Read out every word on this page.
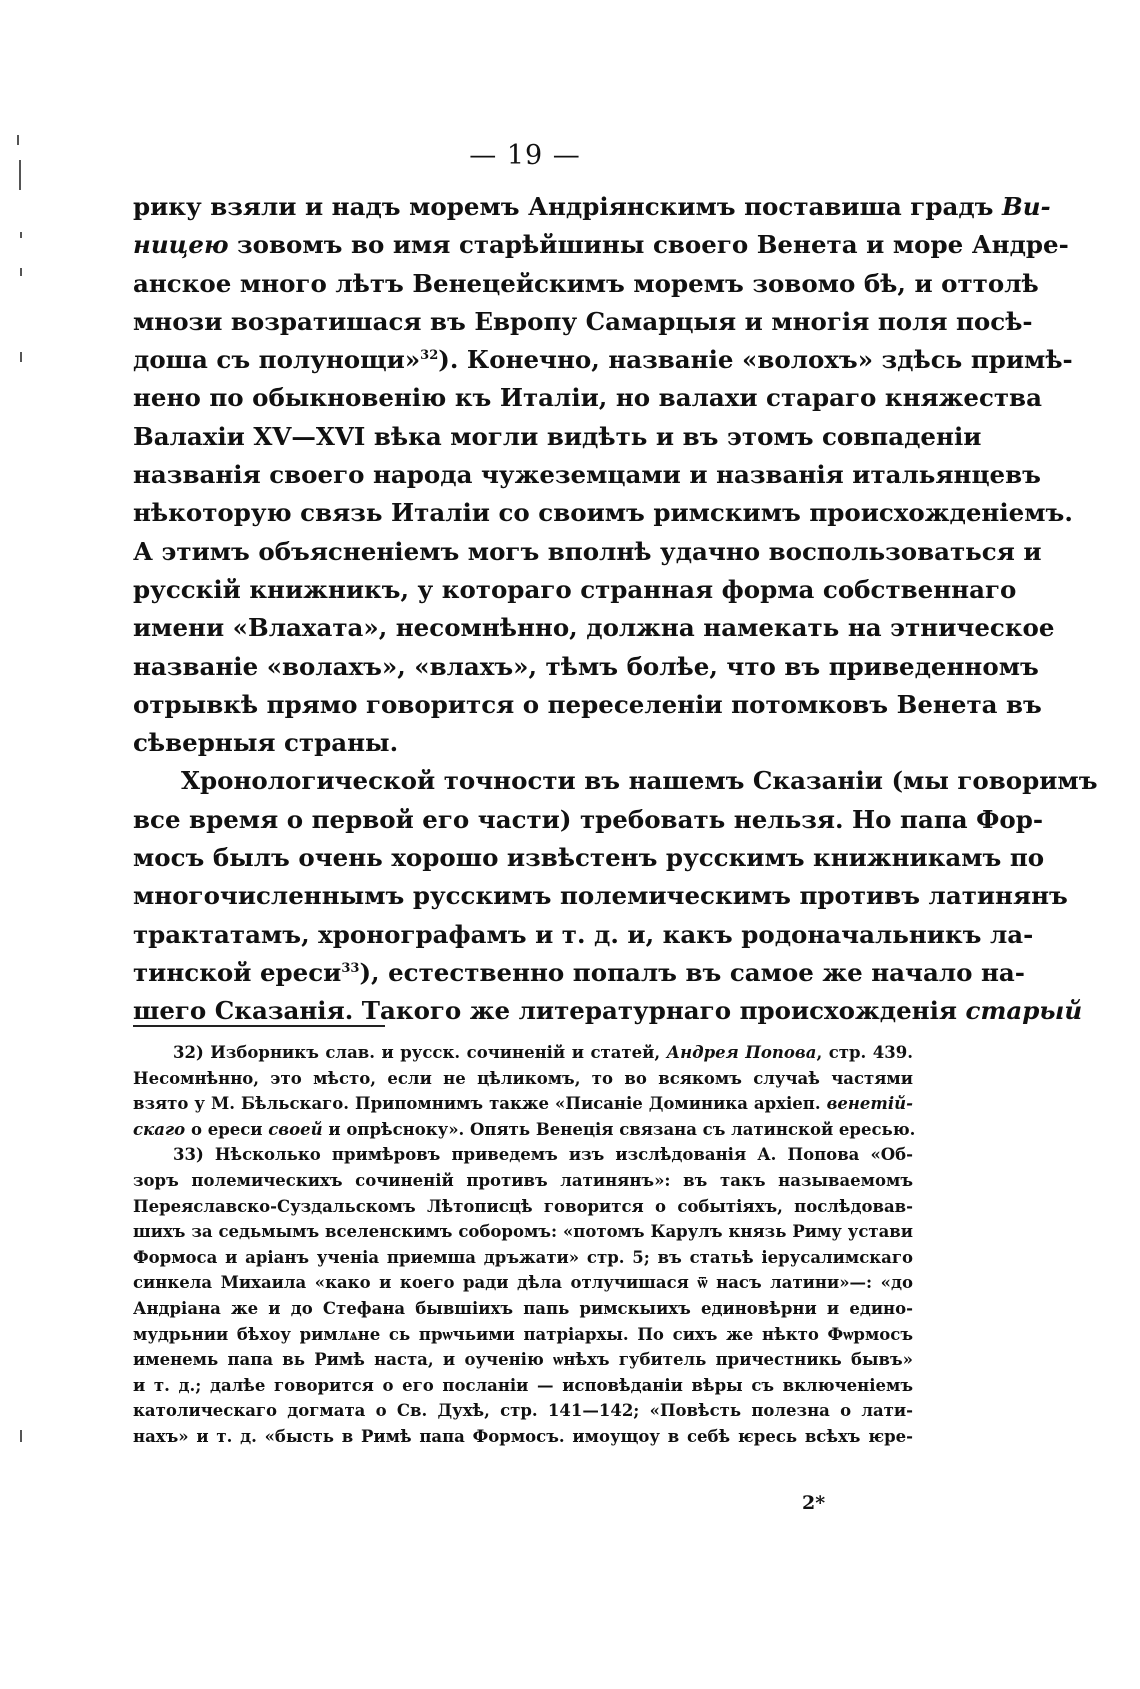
— 19 —
рику взяли и надъ моремъ Андріянскимъ поставиша градъ Ви-
ницею зовомъ во имя старѣйшины своего Венета и море Андре-
анское много лѣтъ Венецейскимъ моремъ зовомо бѣ, и оттолѣ
мнози возратишася въ Европу Самарцыя и многія поля посѣ-
доша съ полунощи»$^{32}$). Конечно, названіе «волохъ» здѣсь примѣ-
нено по обыкновенію къ Италіи, но валахи стараго княжества
Валахіи XV—XVI вѣка могли видѣть и въ этомъ совпаденіи
названія своего народа чужеземцами и названія итальянцевъ
нѣкоторую связь Италіи со своимъ римскимъ происхожденіемъ.
А этимъ объясненіемъ могъ вполнѣ удачно воспользоваться и
русскій книжникъ, у котораго странная форма собственнаго
имени «Влахата», несомнѣнно, должна намекать на этническое
названіе «волахъ», «влахъ», тѣмъ болѣе, что въ приведенномъ
отрывкѣ прямо говорится о переселеніи потомковъ Венета въ
сѣверныя страны.
Хронологической точности въ нашемъ Сказаніи (мы говоримъ
все время о первой его части) требовать нельзя. Но папа Фор-
мосъ былъ очень хорошо извѣстенъ русскимъ книжникамъ по
многочисленнымъ русскимъ полемическимъ противъ латинянъ
трактатамъ, хронографамъ и т. д. и, какъ родоначальникъ ла-
тинской ереси$^{33}$), естественно попалъ въ самое же начало на-
шего Сказанія. Такого же литературнаго происхожденія старый
32) Изборникъ слав. и русск. сочиненій и статей, Андрея Попова, стр. 439.
Несомнѣнно, это мѣсто, если не цѣликомъ, то во всякомъ случаѣ частями
взято у М. Бѣльскаго. Припомнимъ также «Писаніе Доминика архіеп. венетій-
скаго о ереси своей и опрѣсноку». Опять Венеція связана съ латинской ересью.
33) Нѣсколько примѣровъ приведемъ изъ изслѣдованія А. Попова «Об-
зоръ полемическихъ сочиненій противъ латинянъ»: въ такъ называемомъ
Переяславско-Суздальскомъ Лѣтописцѣ говорится о событіяхъ, послѣдовав-
шихъ за седьмымъ вселенскимъ соборомъ: «потомъ Карулъ князь Риму устави
Формоса и аріанъ ученіа приемша дръжати» стр. 5; въ статьѣ іерусалимскаго
синкела Михаила «како и коего ради дѣла отлучишася ѿ насъ латини»—: «до
Андріана же и до Стефана бывшіихъ папь римскыихъ единовѣрни и едино-
мудрьнии бѣхоу римлѧне сь прѡчьими патріархы. По сихъ же нѣкто Фѡрмосъ
именемь папа вь Римѣ наста, и оученію ѡнѣхъ губитель причестникь бывъ»
и т. д.; далѣе говорится о его посланіи — исповѣданіи вѣры съ включеніемъ
католическаго догмата о Св. Духѣ, стр. 141—142; «Повѣсть полезна о лати-
нахъ» и т. д. «бысть в Римѣ папа Формосъ. имоущоу в себѣ ѥресь всѣхъ ѥре-
2*
